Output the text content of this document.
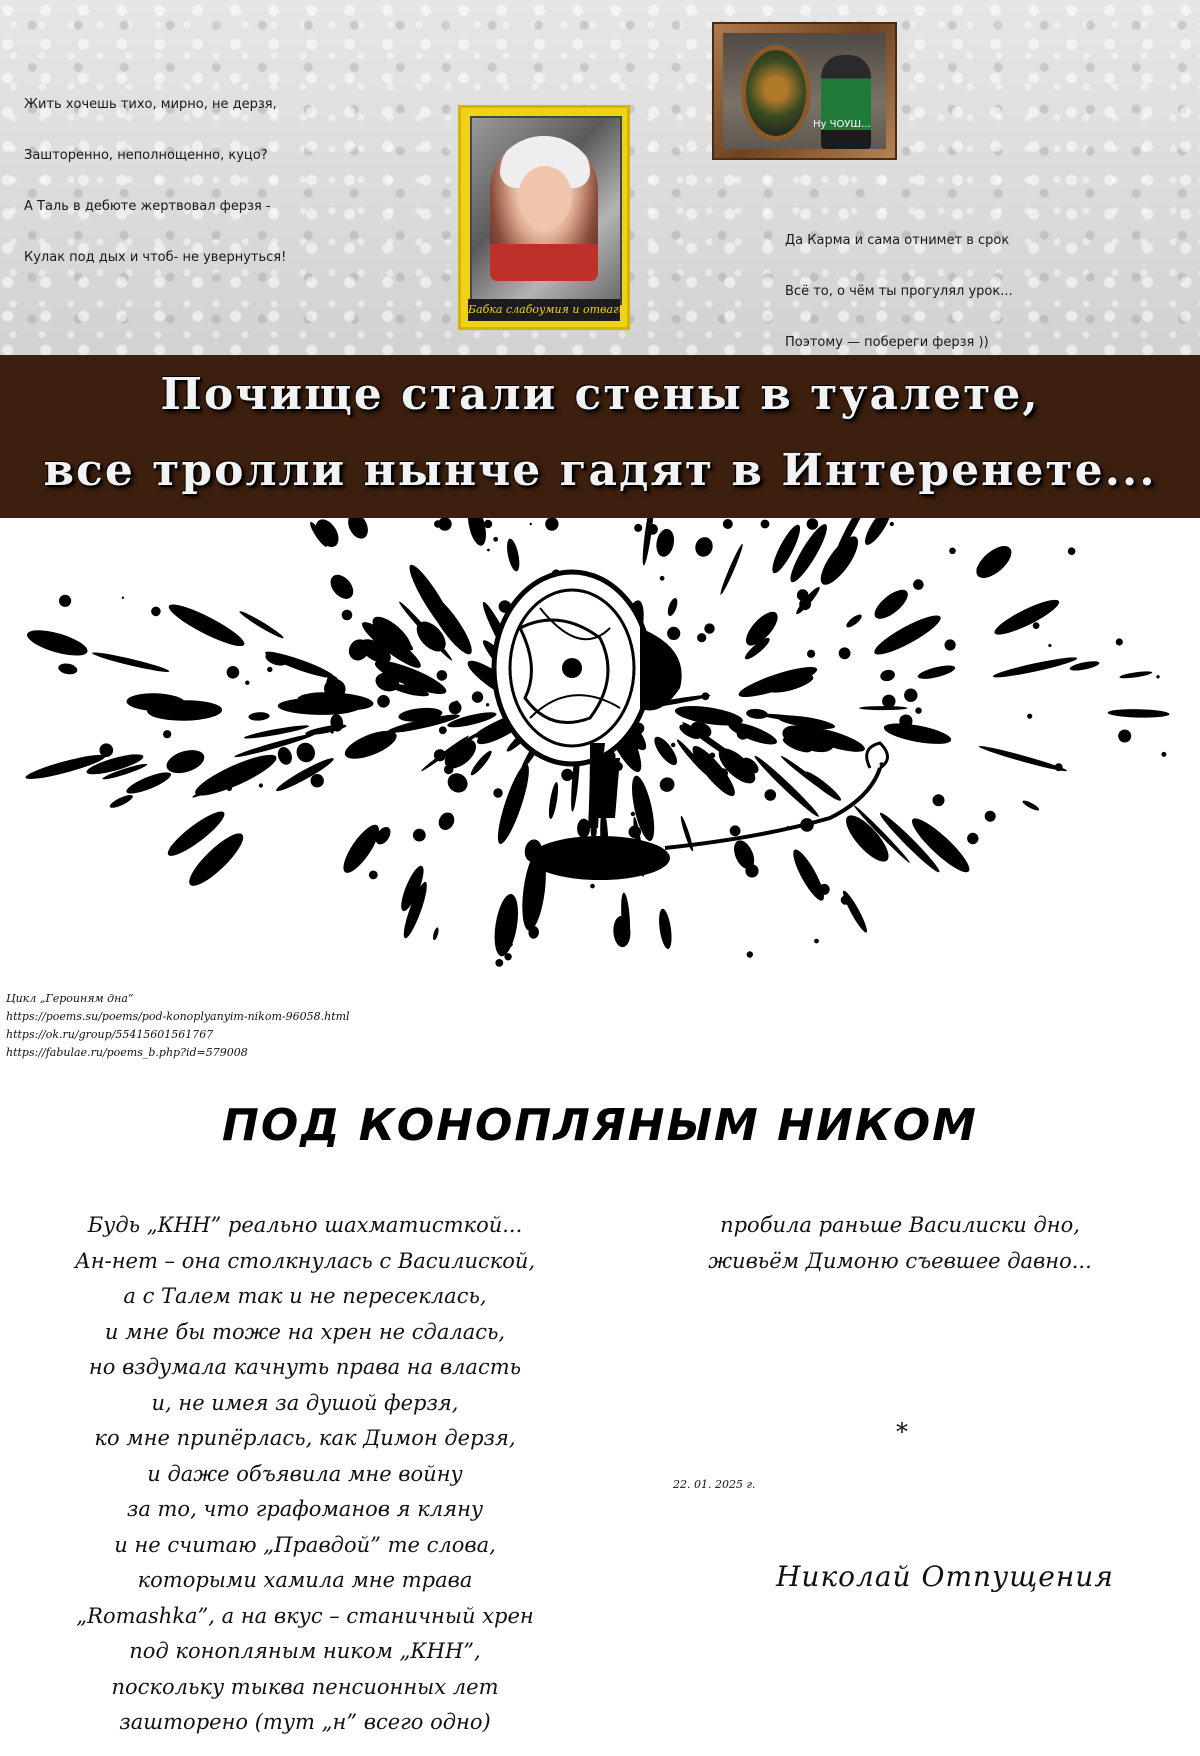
Жить хочешь тихо, мирно, не дерзя,

Зашторенно, неполнощенно, куцо?

А Таль в дебюте жертвовал ферзя -

Кулак под дых и чтоб- не увернуться!

Бабка слабоумия и отваги
Ну ЧОУШ...

Да Карма и сама отнимет в срок

Всё то, о чём ты прогулял урок...

Поэтому — побереги ферзя ))

Почище стали стены в туалете,
все тролли нынче гадят в Интеренете...
Цикл „Героиням дна”
https://poems.su/poems/pod-konoplyanyim-nikom-96058.html
https://ok.ru/group/55415601561767
https://fabulae.ru/poems_b.php?id=579008
ПОД КОНОПЛЯНЫМ НИКОМ
Будь „КНН” реально шахматисткой...
Ан-нет – она столкнулась с Василиской,
а с Талем так и не пересеклась,
и мне бы тоже на хрен не сдалась,
но вздумала качнуть права на власть
и, не имея за душой ферзя,
ко мне припёрлась, как Димон дерзя,
и даже объявила мне войну
за то, что графоманов я кляну
и не считаю „Правдой” те слова,
которыми хамила мне трава
„Romashka”, а на вкус – станичный хрен
под конопляным ником „КНН”,
поскольку тыква пенсионных лет
зашторено (тут „н” всего одно)
пробила раньше Василиски дно,
живьём Димоню съевшее давно...
*
22. 01. 2025 г.
Николай Отпущения
